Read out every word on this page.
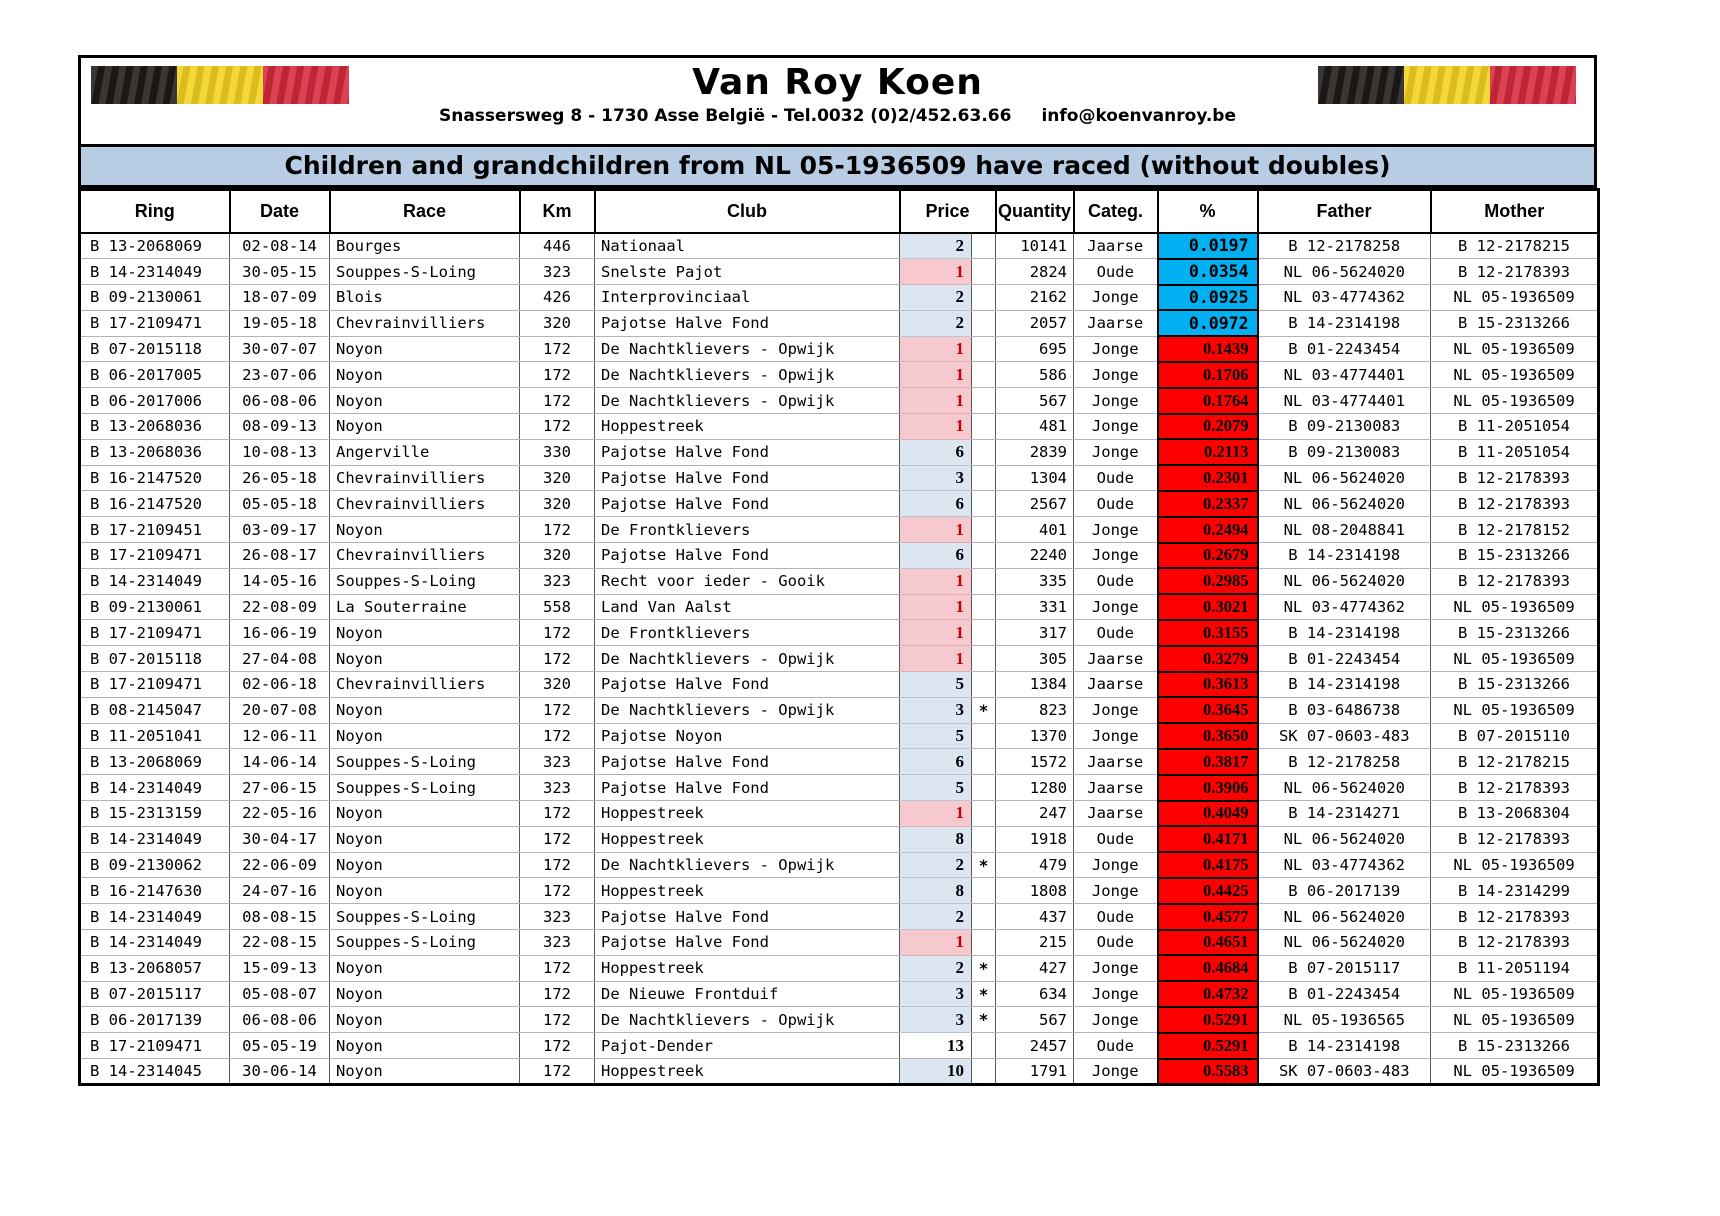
Van Roy Koen
Snassersweg 8 - 1730 Asse België - Tel.0032 (0)2/452.63.66 info@koenvanroy.be
Children and grandchildren from NL 05-1936509 have raced (without doubles)
Ring	Date	Race	Km	Club	Price		Quantity	Categ.	%	Father	Mother
B 13-2068069	02-08-14	Bourges	446	Nationaal	2		10141	Jaarse	0.0197	B 12-2178258	B 12-2178215
B 14-2314049	30-05-15	Souppes-S-Loing	323	Snelste Pajot	1		2824	Oude	0.0354	NL 06-5624020	B 12-2178393
B 09-2130061	18-07-09	Blois	426	Interprovinciaal	2		2162	Jonge	0.0925	NL 03-4774362	NL 05-1936509
B 17-2109471	19-05-18	Chevrainvilliers	320	Pajotse Halve Fond	2		2057	Jaarse	0.0972	B 14-2314198	B 15-2313266
B 07-2015118	30-07-07	Noyon	172	De Nachtklievers - Opwijk	1		695	Jonge	0.1439	B 01-2243454	NL 05-1936509
B 06-2017005	23-07-06	Noyon	172	De Nachtklievers - Opwijk	1		586	Jonge	0.1706	NL 03-4774401	NL 05-1936509
B 06-2017006	06-08-06	Noyon	172	De Nachtklievers - Opwijk	1		567	Jonge	0.1764	NL 03-4774401	NL 05-1936509
B 13-2068036	08-09-13	Noyon	172	Hoppestreek	1		481	Jonge	0.2079	B 09-2130083	B 11-2051054
B 13-2068036	10-08-13	Angerville	330	Pajotse Halve Fond	6		2839	Jonge	0.2113	B 09-2130083	B 11-2051054
B 16-2147520	26-05-18	Chevrainvilliers	320	Pajotse Halve Fond	3		1304	Oude	0.2301	NL 06-5624020	B 12-2178393
B 16-2147520	05-05-18	Chevrainvilliers	320	Pajotse Halve Fond	6		2567	Oude	0.2337	NL 06-5624020	B 12-2178393
B 17-2109451	03-09-17	Noyon	172	De Frontklievers	1		401	Jonge	0.2494	NL 08-2048841	B 12-2178152
B 17-2109471	26-08-17	Chevrainvilliers	320	Pajotse Halve Fond	6		2240	Jonge	0.2679	B 14-2314198	B 15-2313266
B 14-2314049	14-05-16	Souppes-S-Loing	323	Recht voor ieder - Gooik	1		335	Oude	0.2985	NL 06-5624020	B 12-2178393
B 09-2130061	22-08-09	La Souterraine	558	Land Van Aalst	1		331	Jonge	0.3021	NL 03-4774362	NL 05-1936509
B 17-2109471	16-06-19	Noyon	172	De Frontklievers	1		317	Oude	0.3155	B 14-2314198	B 15-2313266
B 07-2015118	27-04-08	Noyon	172	De Nachtklievers - Opwijk	1		305	Jaarse	0.3279	B 01-2243454	NL 05-1936509
B 17-2109471	02-06-18	Chevrainvilliers	320	Pajotse Halve Fond	5		1384	Jaarse	0.3613	B 14-2314198	B 15-2313266
B 08-2145047	20-07-08	Noyon	172	De Nachtklievers - Opwijk	3	*	823	Jonge	0.3645	B 03-6486738	NL 05-1936509
B 11-2051041	12-06-11	Noyon	172	Pajotse Noyon	5		1370	Jonge	0.3650	SK 07-0603-483	B 07-2015110
B 13-2068069	14-06-14	Souppes-S-Loing	323	Pajotse Halve Fond	6		1572	Jaarse	0.3817	B 12-2178258	B 12-2178215
B 14-2314049	27-06-15	Souppes-S-Loing	323	Pajotse Halve Fond	5		1280	Jaarse	0.3906	NL 06-5624020	B 12-2178393
B 15-2313159	22-05-16	Noyon	172	Hoppestreek	1		247	Jaarse	0.4049	B 14-2314271	B 13-2068304
B 14-2314049	30-04-17	Noyon	172	Hoppestreek	8		1918	Oude	0.4171	NL 06-5624020	B 12-2178393
B 09-2130062	22-06-09	Noyon	172	De Nachtklievers - Opwijk	2	*	479	Jonge	0.4175	NL 03-4774362	NL 05-1936509
B 16-2147630	24-07-16	Noyon	172	Hoppestreek	8		1808	Jonge	0.4425	B 06-2017139	B 14-2314299
B 14-2314049	08-08-15	Souppes-S-Loing	323	Pajotse Halve Fond	2		437	Oude	0.4577	NL 06-5624020	B 12-2178393
B 14-2314049	22-08-15	Souppes-S-Loing	323	Pajotse Halve Fond	1		215	Oude	0.4651	NL 06-5624020	B 12-2178393
B 13-2068057	15-09-13	Noyon	172	Hoppestreek	2	*	427	Jonge	0.4684	B 07-2015117	B 11-2051194
B 07-2015117	05-08-07	Noyon	172	De Nieuwe Frontduif	3	*	634	Jonge	0.4732	B 01-2243454	NL 05-1936509
B 06-2017139	06-08-06	Noyon	172	De Nachtklievers - Opwijk	3	*	567	Jonge	0.5291	NL 05-1936565	NL 05-1936509
B 17-2109471	05-05-19	Noyon	172	Pajot-Dender	13		2457	Oude	0.5291	B 14-2314198	B 15-2313266
B 14-2314045	30-06-14	Noyon	172	Hoppestreek	10		1791	Jonge	0.5583	SK 07-0603-483	NL 05-1936509
